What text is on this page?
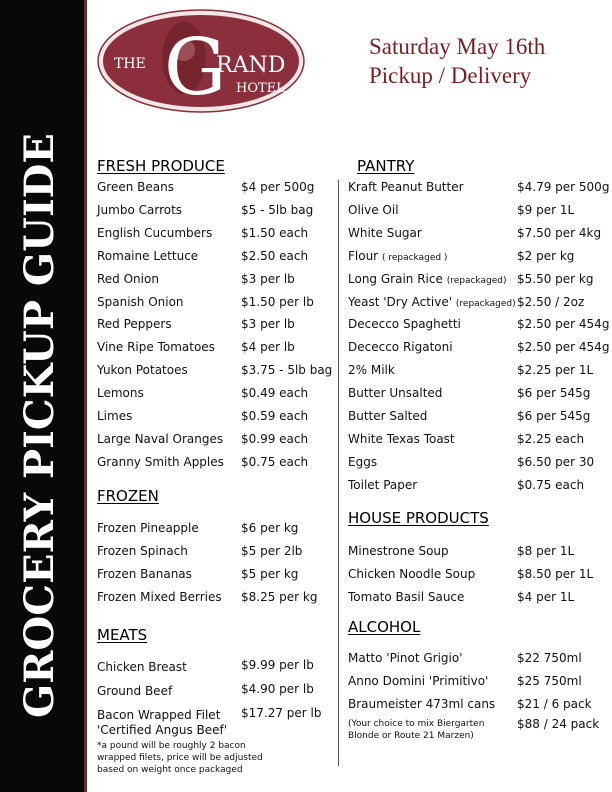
GROCERY PICKUP GUIDE
THE G
RAND
HOTEL
Saturday May 16th
Pickup / Delivery
FRESH PRODUCE
Green Beans	$4 per 500g
Jumbo Carrots	$5 - 5lb bag
English Cucumbers $1.50 each
Romaine Lettuce	$2.50 each
Red Onion	$3 per lb
Spanish Onion	$1.50 per lb
Red Peppers	$3 per lb
Vine Ripe Tomatoes $4 per lb
Yukon Potatoes	$3.75 - 5lb bag
Lemons	$0.49 each
Limes	$0.59 each
Large Naval Oranges $0.99 each
Granny Smith Apples $0.75 each
FROZEN
Frozen Pineapple	$6 per kg
Frozen Spinach	$5 per 2lb
Frozen Bananas	$5 per kg
Frozen Mixed Berries $8.25 per kg
MEATS
Chicken Breast	$9.99 per lb
Ground Beef	$4.90 per lb
Bacon Wrapped Filet
'Certified Angus Beef'
$17.27 per lb
*a pound will be roughly 2 bacon wrapped filets, price will be adjusted based on weight once packaged
PANTRY
Kraft Peanut Butter	$4.79 per 500g
Olive Oil	$9 per 1L
White Sugar	$7.50 per 4kg
Flour ( repackaged )	$2 per kg
Long Grain Rice (repackaged) $5.50 per kg
Yeast 'Dry Active' (repackaged) $2.50 / 2oz
Dececco Spaghetti	$2.50 per 454g
Dececco Rigatoni	$2.50 per 454g
2% Milk	$2.25 per 1L
Butter Unsalted	$6 per 545g
Butter Salted	$6 per 545g
White Texas Toast	$2.25 each
Eggs	$6.50 per 30
Toilet Paper	$0.75 each
HOUSE PRODUCTS
Minestrone Soup	$8 per 1L
Chicken Noodle Soup	$8.50 per 1L
Tomato Basil Sauce	$4 per 1L
ALCOHOL
Matto 'Pinot Grigio'	$22 750ml
Anno Domini 'Primitivo' $25 750ml
Braumeister 473ml cans $21 / 6 pack
(Your choice to mix Biergarten Blonde or Route 21 Marzen)
$88 / 24 pack
